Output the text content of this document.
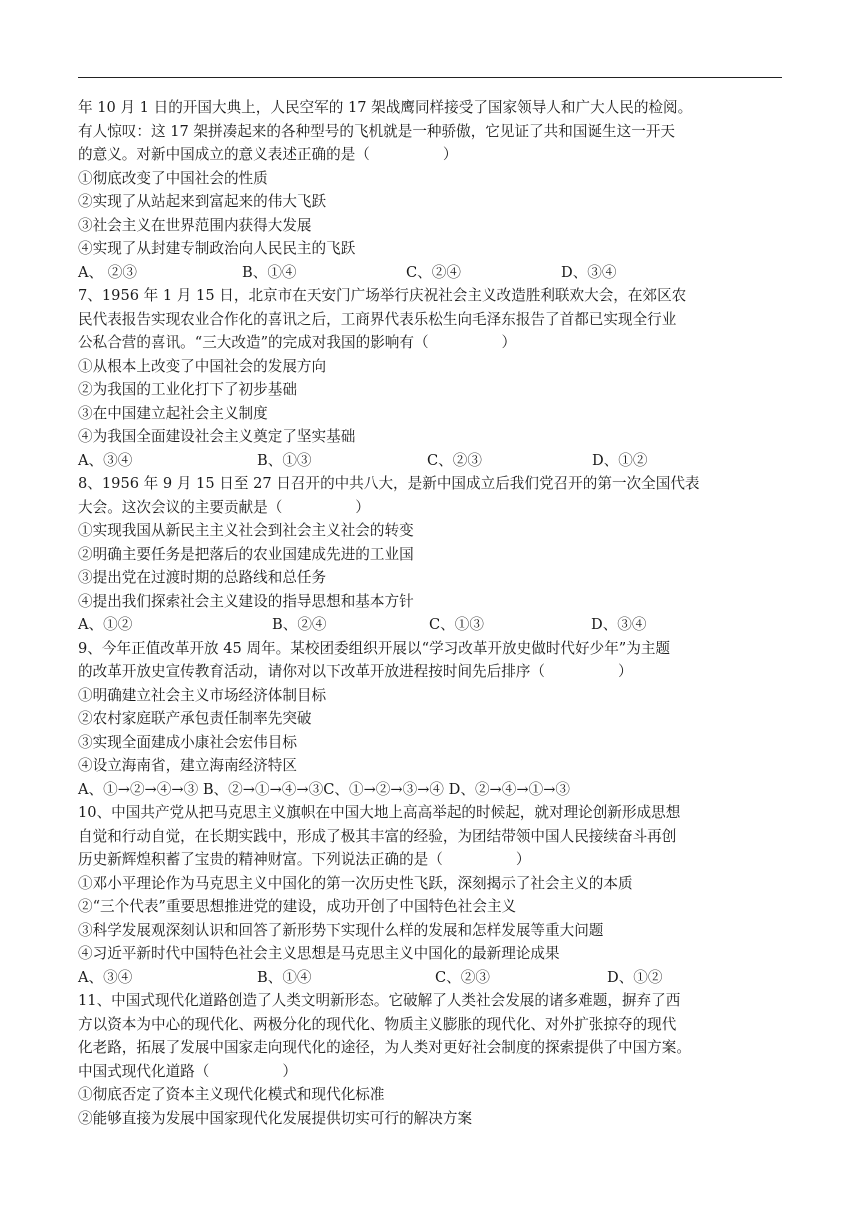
年 10 月 1 日的开国大典上，人民空军的 17 架战鹰同样接受了国家领导人和广大人民的检阅。
有人惊叹：这 17 架拼凑起来的各种型号的飞机就是一种骄傲，它见证了共和国诞生这一开天
的意义。对新中国成立的意义表述正确的是（　　　　　）
①彻底改变了中国社会的性质
②实现了从站起来到富起来的伟大飞跃
③社会主义在世界范围内获得大发展
④实现了从封建专制政治向人民民主的飞跃
A、 ②③	B、①④	C、②④	D、③④
7、1956 年 1 月 15 日，北京市在天安门广场举行庆祝社会主义改造胜利联欢大会，在郊区农
民代表报告实现农业合作化的喜讯之后，工商界代表乐松生向毛泽东报告了首都已实现全行业
公私合营的喜讯。“三大改造”的完成对我国的影响有（　　　　　）
①从根本上改变了中国社会的发展方向
②为我国的工业化打下了初步基础
③在中国建立起社会主义制度
④为我国全面建设社会主义奠定了坚实基础
A、③④	B、①③	C、②③	D、①②
8、1956 年 9 月 15 日至 27 日召开的中共八大，是新中国成立后我们党召开的第一次全国代表
大会。这次会议的主要贡献是（　　　　　）
①实现我国从新民主主义社会到社会主义社会的转变
②明确主要任务是把落后的农业国建成先进的工业国
③提出党在过渡时期的总路线和总任务
④提出我们探索社会主义建设的指导思想和基本方针
A、①②	B、②④	C、①③	D、③④
9、今年正值改革开放 45 周年。某校团委组织开展以“学习改革开放史做时代好少年”为主题
的改革开放史宣传教育活动，请你对以下改革开放进程按时间先后排序（　　　　　）
①明确建立社会主义市场经济体制目标
②农村家庭联产承包责任制率先突破
③实现全面建成小康社会宏伟目标
④设立海南省，建立海南经济特区
A、①→②→④→③ B、②→①→④→③C、①→②→③→④ D、②→④→①→③
10、中国共产党从把马克思主义旗帜在中国大地上高高举起的时候起，就对理论创新形成思想
自觉和行动自觉，在长期实践中，形成了极其丰富的经验，为团结带领中国人民接续奋斗再创
历史新辉煌积蓄了宝贵的精神财富。下列说法正确的是（　　　　　）
①邓小平理论作为马克思主义中国化的第一次历史性飞跃，深刻揭示了社会主义的本质
②“三个代表”重要思想推进党的建设，成功开创了中国特色社会主义
③科学发展观深刻认识和回答了新形势下实现什么样的发展和怎样发展等重大问题
④习近平新时代中国特色社会主义思想是马克思主义中国化的最新理论成果
A、③④	B、①④	C、②③	D、①②
11、中国式现代化道路创造了人类文明新形态。它破解了人类社会发展的诸多难题，摒弃了西
方以资本为中心的现代化、两极分化的现代化、物质主义膨胀的现代化、对外扩张掠夺的现代
化老路，拓展了发展中国家走向现代化的途径，为人类对更好社会制度的探索提供了中国方案。
中国式现代化道路（　　　　　）
①彻底否定了资本主义现代化模式和现代化标准
②能够直接为发展中国家现代化发展提供切实可行的解决方案
